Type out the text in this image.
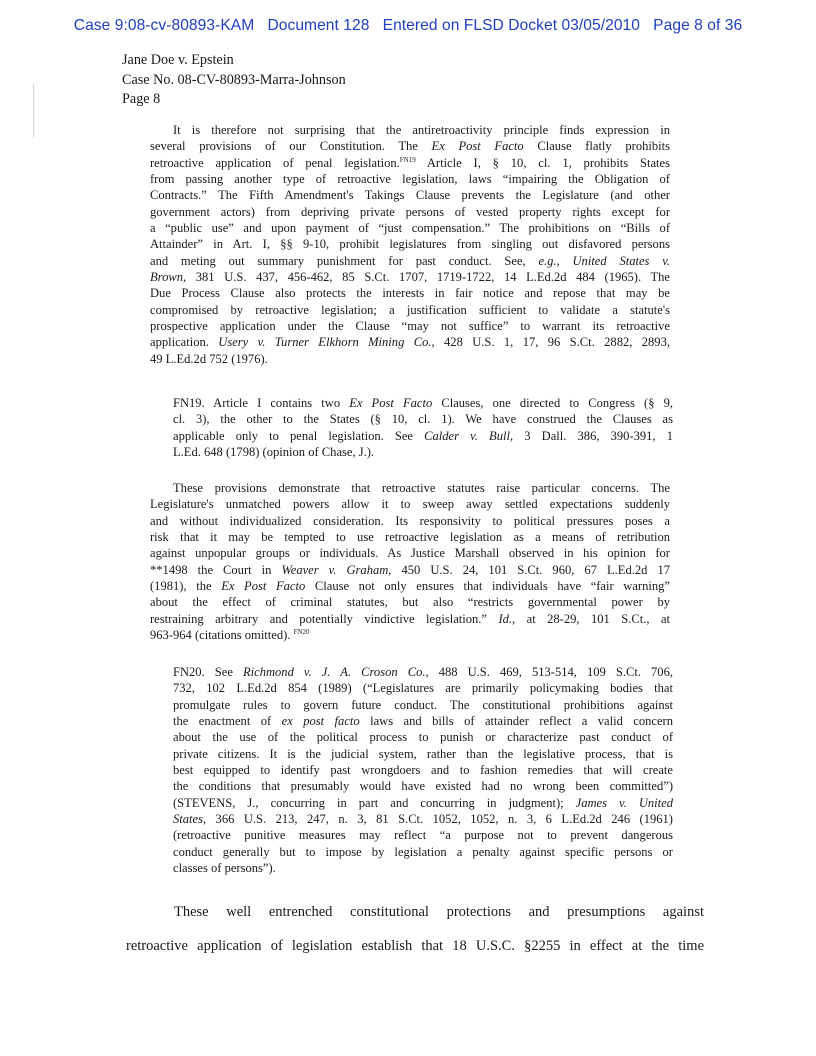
Case 9:08-cv-80893-KAM Document 128 Entered on FLSD Docket 03/05/2010 Page 8 of 36
Jane Doe v. Epstein
Case No. 08-CV-80893-Marra-Johnson
Page 8
It is therefore not surprising that the antiretroactivity principle finds expression in
several provisions of our Constitution. The Ex Post Facto Clause flatly prohibits
retroactive application of penal legislation.$^{FN19}$ Article I, § 10, cl. 1, prohibits States
from passing another type of retroactive legislation, laws “impairing the Obligation of
Contracts.” The Fifth Amendment's Takings Clause prevents the Legislature (and other
government actors) from depriving private persons of vested property rights except for
a “public use” and upon payment of “just compensation.” The prohibitions on “Bills of
Attainder” in Art. I, §§ 9-10, prohibit legislatures from singling out disfavored persons
and meting out summary punishment for past conduct. See, e.g., United States v.
Brown, 381 U.S. 437, 456-462, 85 S.Ct. 1707, 1719-1722, 14 L.Ed.2d 484 (1965). The
Due Process Clause also protects the interests in fair notice and repose that may be
compromised by retroactive legislation; a justification sufficient to validate a statute's
prospective application under the Clause “may not suffice” to warrant its retroactive
application. Usery v. Turner Elkhorn Mining Co., 428 U.S. 1, 17, 96 S.Ct. 2882, 2893,
49 L.Ed.2d 752 (1976).
FN19. Article I contains two Ex Post Facto Clauses, one directed to Congress (§ 9,
cl. 3), the other to the States (§ 10, cl. 1). We have construed the Clauses as
applicable only to penal legislation. See Calder v. Bull, 3 Dall. 386, 390-391, 1
L.Ed. 648 (1798) (opinion of Chase, J.).
These provisions demonstrate that retroactive statutes raise particular concerns. The
Legislature's unmatched powers allow it to sweep away settled expectations suddenly
and without individualized consideration. Its responsivity to political pressures poses a
risk that it may be tempted to use retroactive legislation as a means of retribution
against unpopular groups or individuals. As Justice Marshall observed in his opinion for
**1498 the Court in Weaver v. Graham, 450 U.S. 24, 101 S.Ct. 960, 67 L.Ed.2d 17
(1981), the Ex Post Facto Clause not only ensures that individuals have “fair warning”
about the effect of criminal statutes, but also “restricts governmental power by
restraining arbitrary and potentially vindictive legislation.” Id., at 28-29, 101 S.Ct., at
963-964 (citations omitted). $^{FN20}$
FN20. See Richmond v. J. A. Croson Co., 488 U.S. 469, 513-514, 109 S.Ct. 706,
732, 102 L.Ed.2d 854 (1989) (“Legislatures are primarily policymaking bodies that
promulgate rules to govern future conduct. The constitutional prohibitions against
the enactment of ex post facto laws and bills of attainder reflect a valid concern
about the use of the political process to punish or characterize past conduct of
private citizens. It is the judicial system, rather than the legislative process, that is
best equipped to identify past wrongdoers and to fashion remedies that will create
the conditions that presumably would have existed had no wrong been committed”)
(STEVENS, J., concurring in part and concurring in judgment); James v. United
States, 366 U.S. 213, 247, n. 3, 81 S.Ct. 1052, 1052, n. 3, 6 L.Ed.2d 246 (1961)
(retroactive punitive measures may reflect “a purpose not to prevent dangerous
conduct generally but to impose by legislation a penalty against specific persons or
classes of persons”).
These well entrenched constitutional protections and presumptions against
retroactive application of legislation establish that 18 U.S.C. §2255 in effect at the time
